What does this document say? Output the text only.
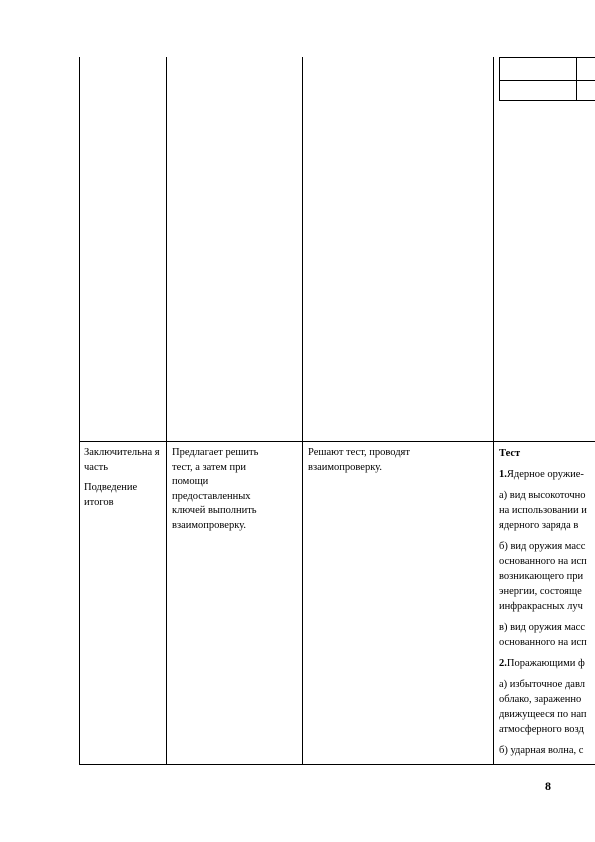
Заключительна я часть

Подведение итогов

Предлагает решить тест, а затем при помощи предоставленных ключей выполнить взаимопроверку.

Решают тест, проводят взаимопроверку.

Тест

1.Ядерное оружие-

а) вид высокоточно
на использовании и
ядерного заряда в

б) вид оружия масс
основанного на исп
возникающего при
энергии, состояще
инфракрасных луч

в) вид оружия масс
основанного на исп

2.Поражающими ф

а) избыточное давл
облако, зараженно
движущееся по нап
атмосферного возд

б) ударная волна, с

8
